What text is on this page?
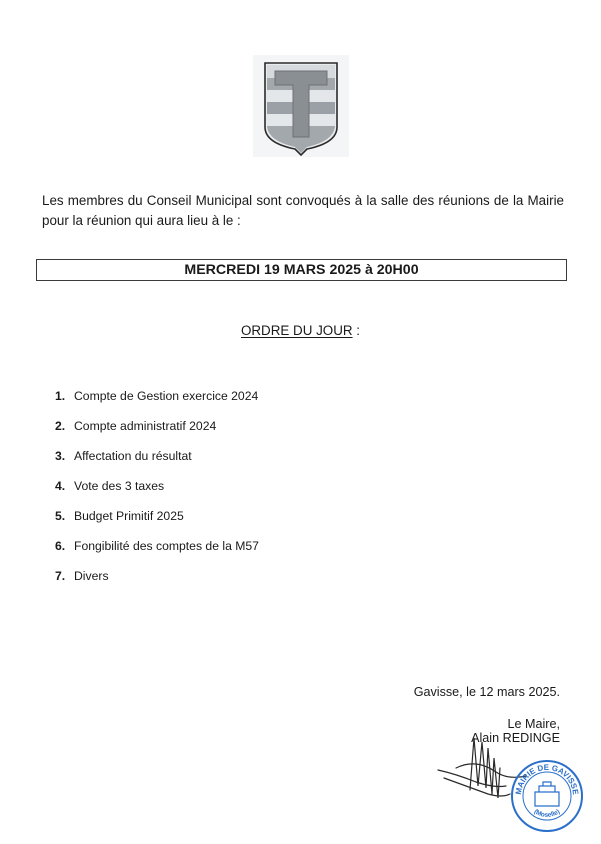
Les membres du Conseil Municipal sont convoqués à la salle des réunions de la Mairie pour la réunion qui aura lieu à le :
MERCREDI 19 MARS 2025 à 20H00
ORDRE DU JOUR :
1. Compte de Gestion exercice 2024
2. Compte administratif 2024
3. Affectation du résultat
4. Vote des 3 taxes
5. Budget Primitif 2025
6. Fongibilité des comptes de la M57
7. Divers
Gavisse, le 12 mars 2025.
Le Maire,
Alain REDINGE
MAIRIE DE GAVISSE
(Moselle)
